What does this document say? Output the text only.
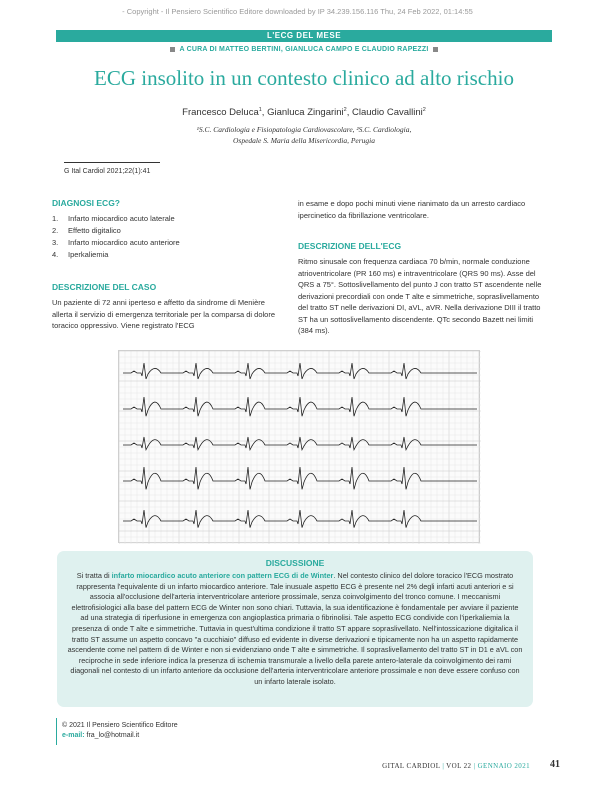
- Copyright - Il Pensiero Scientifico Editore downloaded by IP 34.239.156.116 Thu, 24 Feb 2022, 01:14:55
L'ECG DEL MESE
A CURA DI MATTEO BERTINI, GIANLUCA CAMPO E CLAUDIO RAPEZZI
ECG insolito in un contesto clinico ad alto rischio
Francesco Deluca$^1$, Gianluca Zingarini$^2$, Claudio Cavallini$^2$
¹S.C. Cardiologia e Fisiopatologia Cardiovascolare, ²S.C. Cardiologia,
Ospedale S. Maria della Misericordia, Perugia
G Ital Cardiol 2021;22(1):41
DIAGNOSI ECG?
1. Infarto miocardico acuto laterale
2. Effetto digitalico
3. Infarto miocardico acuto anteriore
4. Iperkaliemia
DESCRIZIONE DEL CASO
Un paziente di 72 anni iperteso e affetto da sindrome di Menière allerta il servizio di emergenza territoriale per la comparsa di dolore toracico oppressivo. Viene registrato l'ECG
in esame e dopo pochi minuti viene rianimato da un arresto cardiaco ipercinetico da fibrillazione ventricolare.
DESCRIZIONE DELL'ECG
Ritmo sinusale con frequenza cardiaca 70 b/min, normale conduzione atrioventricolare (PR 160 ms) e intraventricolare (QRS 90 ms). Asse del QRS a 75°. Sottoslivellamento del punto J con tratto ST ascendente nelle derivazioni precordiali con onde T alte e simmetriche, sopraslivellamento del tratto ST nelle derivazioni DI, aVL, aVR. Nella derivazione DIII il tratto ST ha un sottoslivellamento discendente. QTc secondo Bazett nei limiti (384 ms).
DISCUSSIONE
Si tratta di infarto miocardico acuto anteriore con pattern ECG di de Winter. Nel contesto clinico del dolore toracico l'ECG mostrato rappresenta l'equivalente di un infarto miocardico anteriore. Tale inusuale aspetto ECG è presente nel 2% degli infarti acuti anteriori e si associa all'occlusione dell'arteria interventricolare anteriore prossimale, senza coinvolgimento del tronco comune. I meccanismi elettrofisiologici alla base del pattern ECG de Winter non sono chiari. Tuttavia, la sua identificazione è fondamentale per avviare il paziente ad una strategia di riperfusione in emergenza con angioplastica primaria o fibrinolisi. Tale aspetto ECG condivide con l'iperkaliemia la presenza di onde T alte e simmetriche. Tuttavia in quest'ultima condizione il tratto ST appare sopraslivellato. Nell'intossicazione digitalica il tratto ST assume un aspetto concavo "a cucchiaio" diffuso ed evidente in diverse derivazioni e tipicamente non ha un aspetto rapidamente ascendente come nel pattern di de Winter e non si evidenziano onde T alte e simmetriche. Il sopraslivellamento del tratto ST in D1 e aVL con reciproche in sede inferiore indica la presenza di ischemia transmurale a livello della parete antero-laterale da coinvolgimento dei rami diagonali nel contesto di un infarto anteriore da occlusione dell'arteria interventricolare anteriore prossimale e non deve essere confuso con un infarto laterale isolato.
© 2021 Il Pensiero Scientifico Editore
e-mail: fra_lo@hotmail.it
GITAL CARDIOL | VOL 22 | GENNAIO 2021 41
